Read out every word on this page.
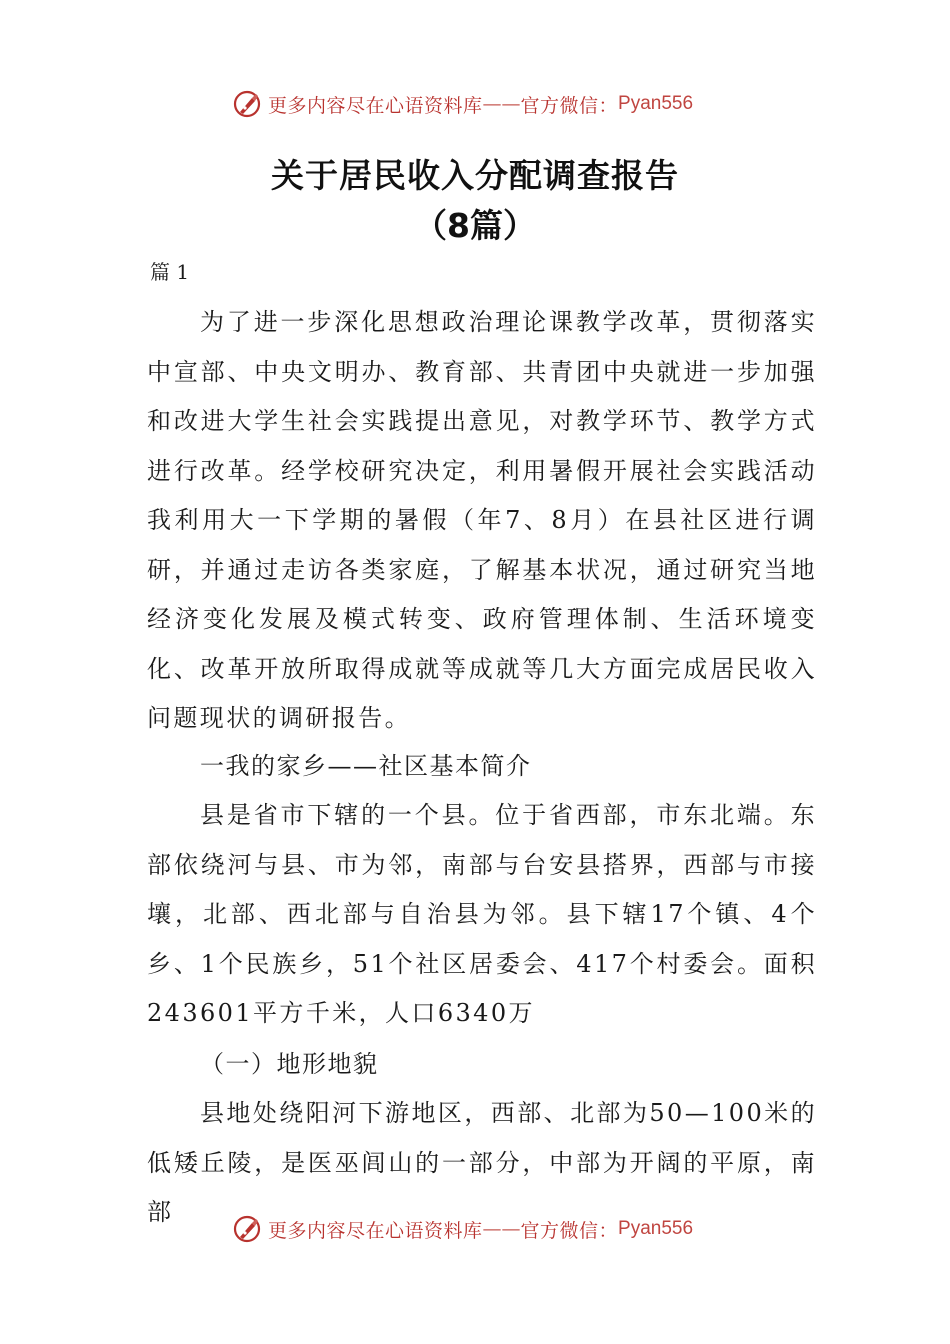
更多内容尽在心语资料库 —— 官方微信： Pyan556
关于居民收入分配调查报告
（8篇）
篇 1

为了进一步深化思想政治理论课教学改革，贯彻落实中宣部、中央文明办、教育部、共青团中央就进一步加强和改进大学生社会实践提出意见，对教学环节、教学方式进行改革。经学校研究决定，利用暑假开展社会实践活动我利用大一下学期的暑假（年7、8月）在县社区进行调研，并通过走访各类家庭，了解基本状况，通过研究当地经济变化发展及模式转变、政府管理体制、生活环境变化、改革开放所取得成就等成就等几大方面完成居民收入问题现状的调研报告。

一我的家乡——社区基本简介

县是省市下辖的一个县。位于省西部，市东北端。东部依绕河与县、市为邻，南部与台安县搭界，西部与市接壤，北部、西北部与自治县为邻。县下辖17个镇、4个乡、1个民族乡，51个社区居委会、417个村委会。面积243601平方千米，人口6340万

（一）地形地貌

县地处绕阳河下游地区，西部、北部为50—100米的低矮丘陵，是医巫闾山的一部分，中部为开阔的平原，南部

更多内容尽在心语资料库 —— 官方微信： Pyan556
